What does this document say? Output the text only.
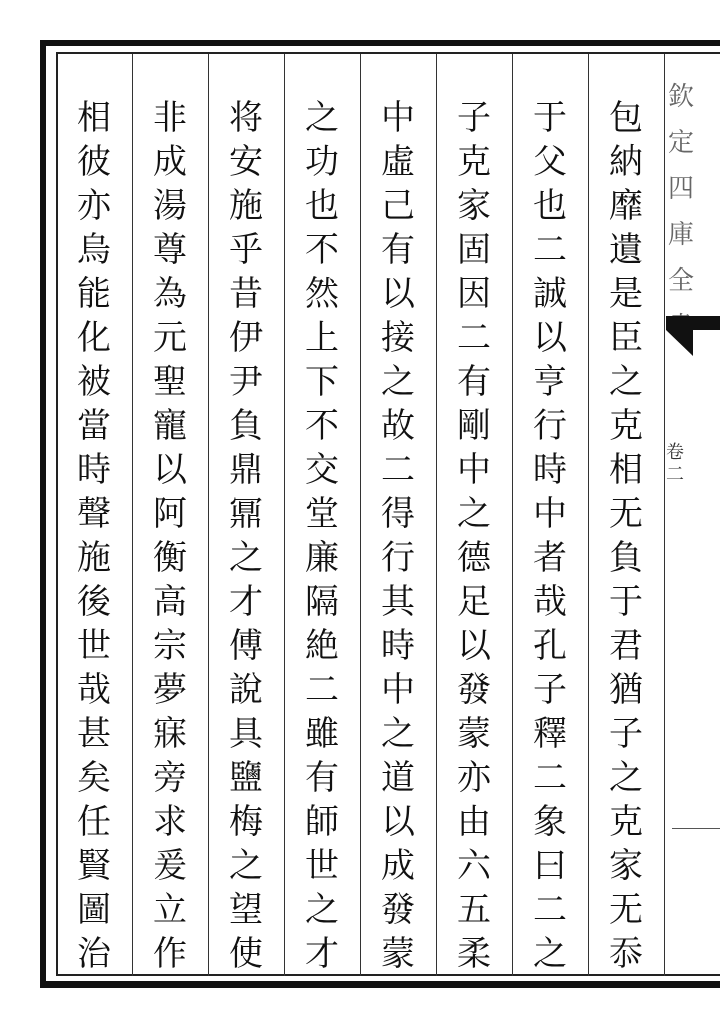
包
納
靡
遺
是
臣
之
克
相
无
負
于
君
猶
子
之
克
家
无
忝
于
父
也
二
誠
以
亨
行
時
中
者
哉
孔
子
釋
二
象
曰
二
之
子
克
家
固
因
二
有
剛
中
之
德
足
以
發
蒙
亦
由
六
五
柔
中
虛
己
有
以
接
之
故
二
得
行
其
時
中
之
道
以
成
發
蒙
之
功
也
不
然
上
下
不
交
堂
廉
隔
絶
二
雖
有
師
世
之
才
将
安
施
乎
昔
伊
尹
負
鼎
鼏
之
才
傅
說
具
鹽
梅
之
望
使
非
成
湯
尊
為
元
聖
寵
以
阿
衡
高
宗
夢
寐
旁
求
爰
立
作
相
彼
亦
烏
能
化
被
當
時
聲
施
後
世
哉
甚
矣
任
賢
圖
治
欽
定
四
庫
全
卷二
